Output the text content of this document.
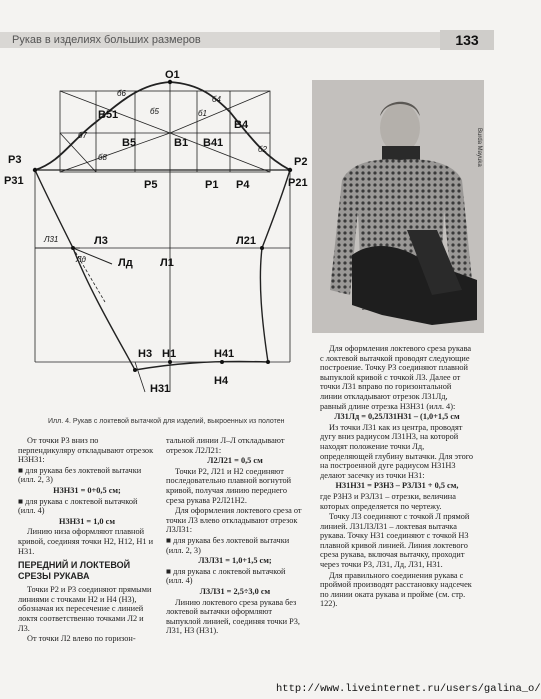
Рукав в изделиях больших размеров	133
О1
В51
В5	В1 В41
В4
Р3
Р31	Р5	Р1 Р4
Р2
Р21
Л3
Лд Л1
Л21
Н3 Н1	Н41
Н31
Н4
б6
б5
б4
б1
б7
б8
б2
Лд
Л31
Burda Mayuka
Илл. 4. Рукав с локтевой вытачкой для изделий, выкроенных из полотен

От точки Р3 вниз по перпендикуляру откладывают отрезок Н3Н31:

■ для рукава без локтевой вытачки (илл. 2, 3)

Н3Н31 = 0+0,5 см;

■ для рукава с локтевой вытачкой (илл. 4)

Н3Н31 = 1,0 см

Линию низа оформляют плавной кривой, соединяя точки Н2, Н12, Н1 и Н31.

ПЕРЕДНИЙ И ЛОКТЕВОЙ СРЕЗЫ РУКАВА

Точки Р2 и Р3 соединяют прямыми линиями с точками Н2 и Н4 (Н3), обозначая их пересечение с линией локтя соответственно точками Л2 и Л3.

От точки Л2 влево по горизон-

тальной линии Л–Л откладывают отрезок Л2Л21:

Л2Л21 = 0,5 см

Точки Р2, Л21 и Н2 соединяют последовательно плавной вогнутой кривой, получая линию переднего среза рукава Р2Л21Н2.

Для оформления локтевого среза от точки Л3 влево откладывают отрезок Л3Л31:

■ для рукава без локтевой вытачки (илл. 2, 3)

Л3Л31 = 1,0+1,5 см;

■ для рукава с локтевой вытачкой (илл. 4)

Л3Л31 = 2,5÷3,0 см

Линию локтевого среза рукава без локтевой вытачки оформляют выпуклой линией, соединяя точки Р3, Л31, Н3 (Н31).

Для оформления локтевого среза рукава с локтевой вытачкой проводят следующие построение. Точку Р3 соединяют плавной выпуклой кривой с точкой Л3. Далее от точки Л31 вправо по горизонтальной линии откладывают отрезок Л31Лд, равный длине отрезка Н3Н31 (илл. 4):

Л31Лд = 0,25Л31Н31 – (1,0+1,5 см

Из точки Л31 как из центра, проводят дугу вниз радиусом Л31Н3, на которой находят положение точки Лд, определяющей глубину вытачки. Для этого на построенной дуге радиусом Н31Н3 делают засечку из точки Н31:

Н31Н31 = Р3Н3 – Р3Л31 + 0,5 см,

где Р3Н3 и Р3Л31 – отрезки, величина которых определяется по чертежу.

Точку Л3 соединяют с точкой Л прямой линией. Л31Л3Л31 – локтевая вытачка рукава. Точку Н31 соединяют с точкой Н3 плавной кривой линией. Линия локтевого среза рукава, включая вытачку, проходит через точки Р3, Л31, Лд, Л31, Н31.

Для правильного соединения рукава с проймой производят расстановку надсечек по линии оката рукава и пройме (см. стр. 122).

http://www.liveinternet.ru/users/galina_o/
